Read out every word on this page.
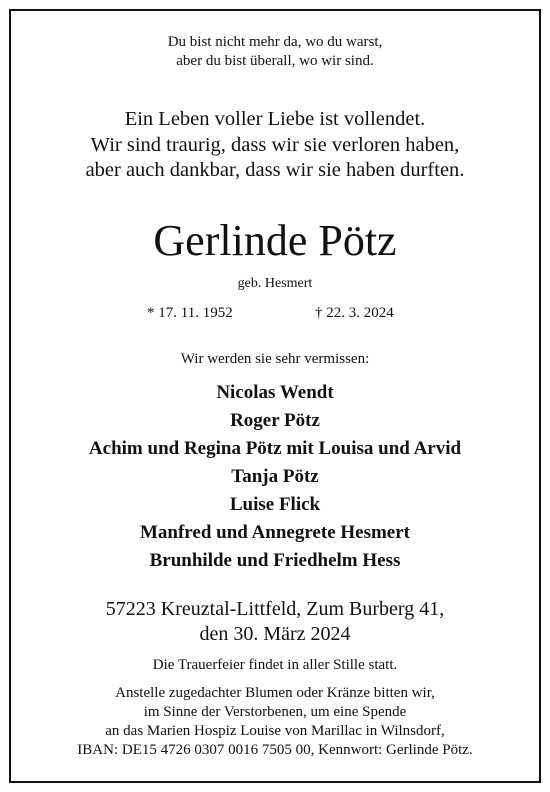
Du bist nicht mehr da, wo du warst,
aber du bist überall, wo wir sind.
Ein Leben voller Liebe ist vollendet.
Wir sind traurig, dass wir sie verloren haben,
aber auch dankbar, dass wir sie haben durften.
Gerlinde Pötz
geb. Hesmert
* 17. 11. 1952	† 22. 3. 2024
Wir werden sie sehr vermissen:
Nicolas Wendt
Roger Pötz
Achim und Regina Pötz mit Louisa und Arvid
Tanja Pötz
Luise Flick
Manfred und Annegrete Hesmert
Brunhilde und Friedhelm Hess
57223 Kreuztal-Littfeld, Zum Burberg 41,
den 30. März 2024
Die Trauerfeier findet in aller Stille statt.
Anstelle zugedachter Blumen oder Kränze bitten wir,
im Sinne der Verstorbenen, um eine Spende
an das Marien Hospiz Louise von Marillac in Wilnsdorf,
IBAN: DE15 4726 0307 0016 7505 00, Kennwort: Gerlinde Pötz.
